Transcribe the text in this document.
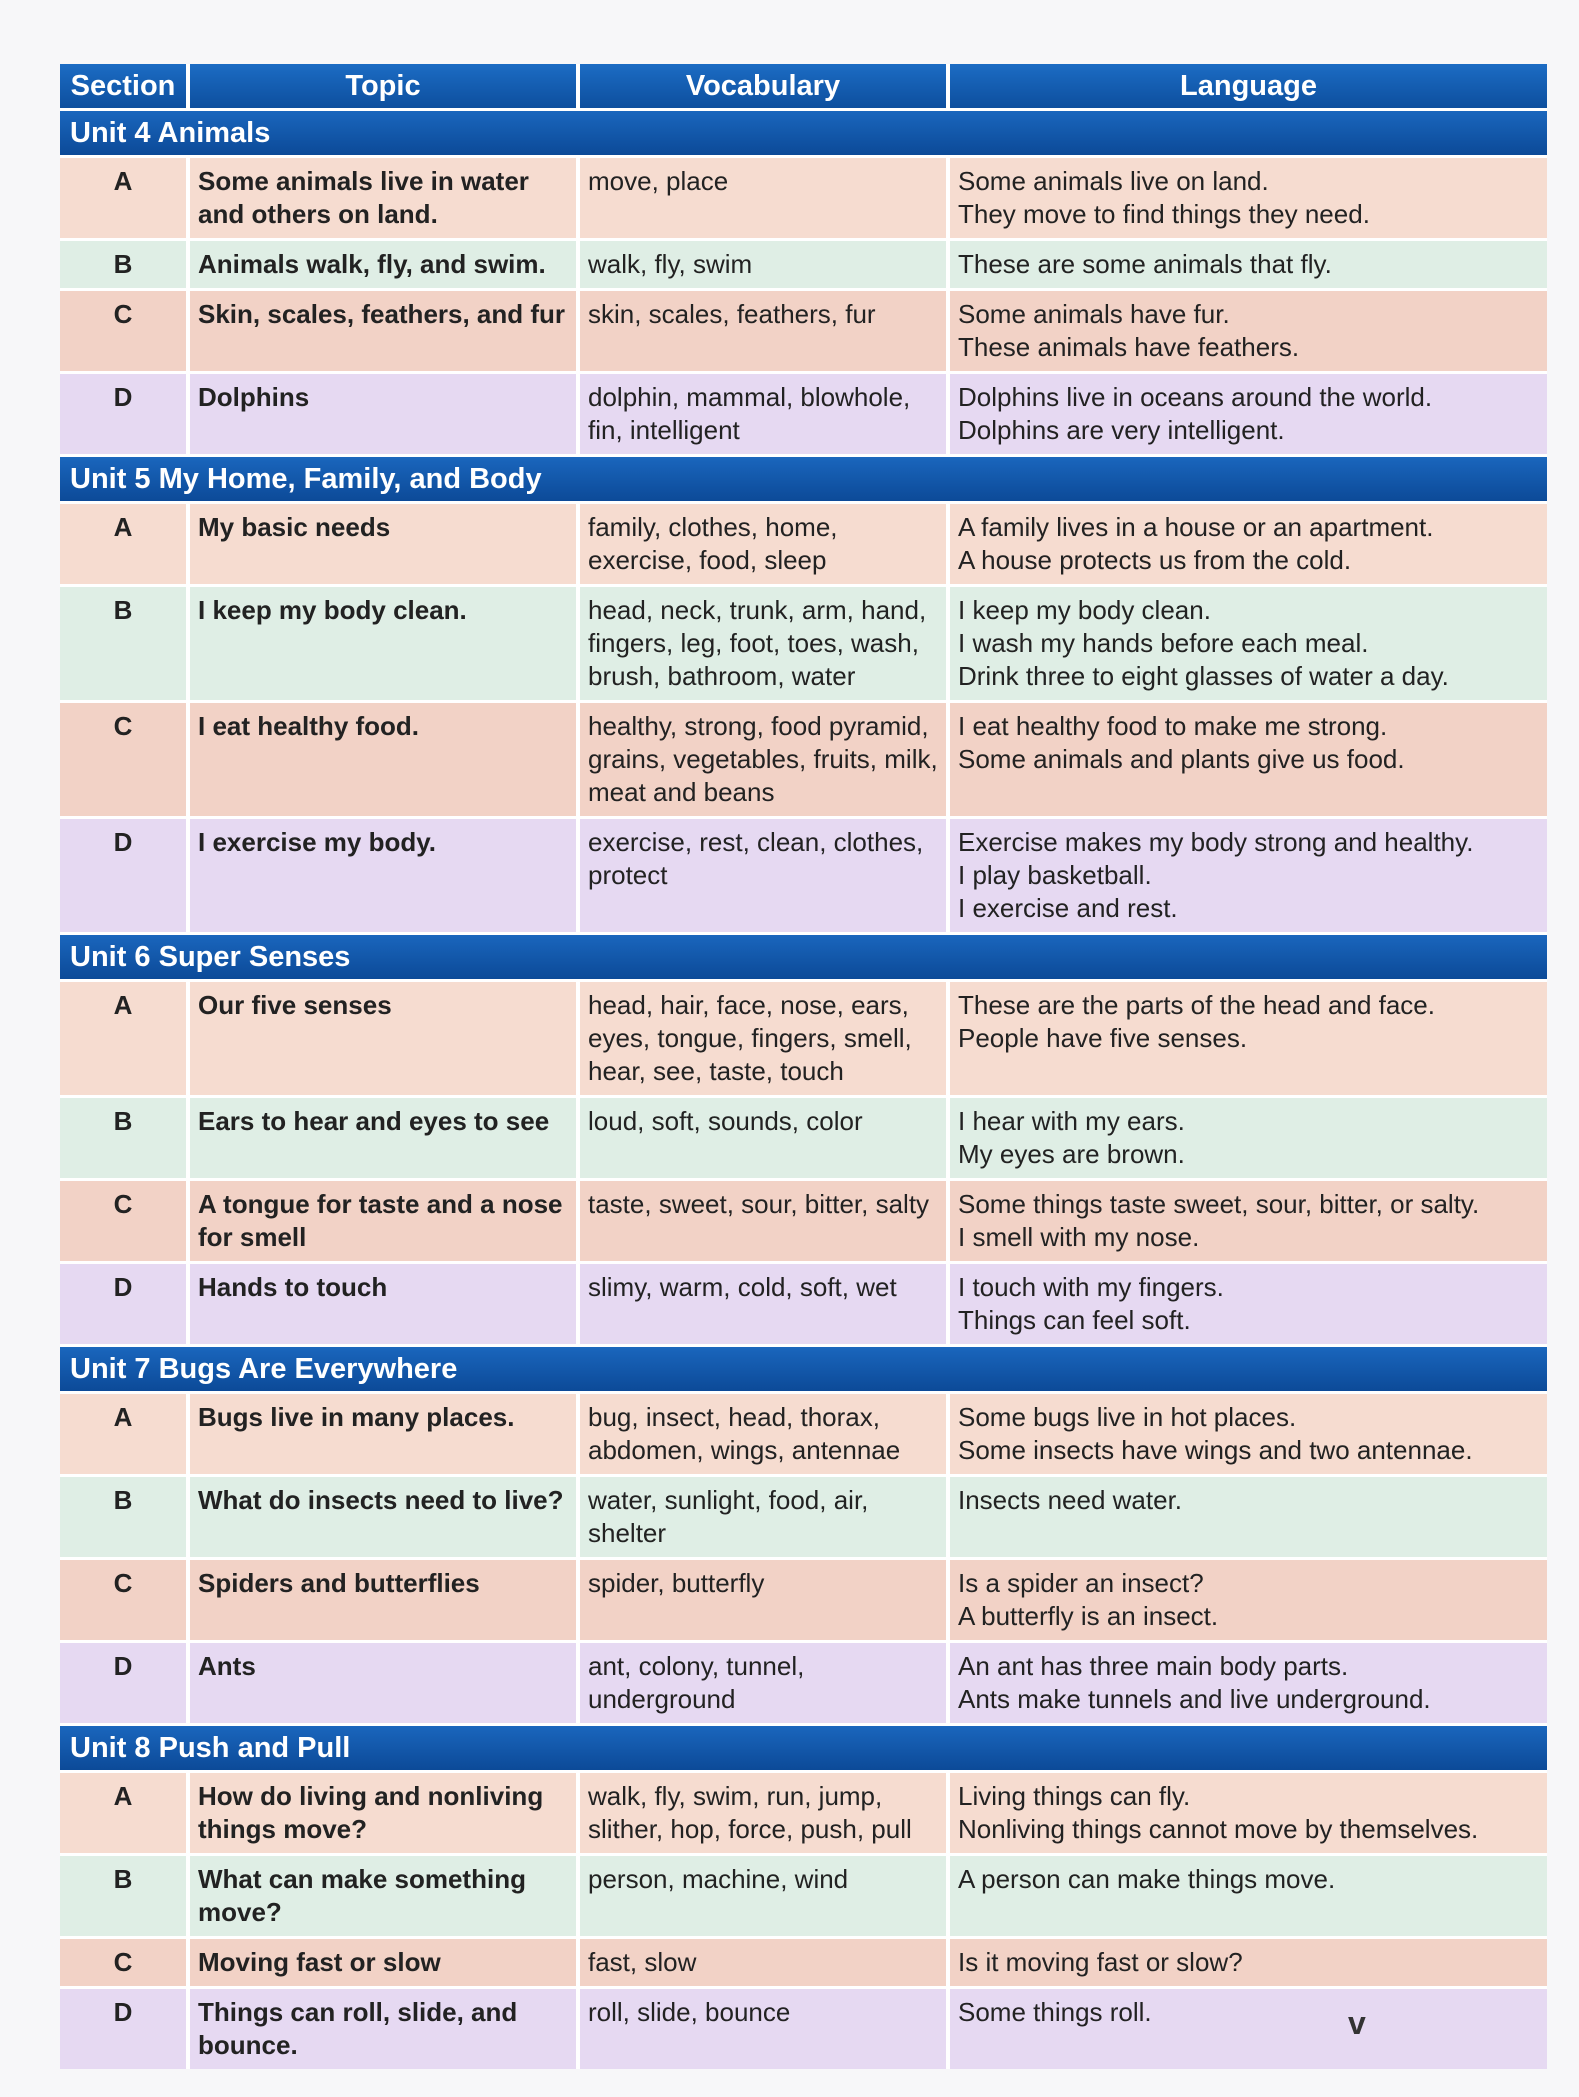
Section	Topic	Vocabulary	Language
Unit 4 Animals			
A	Some animals live in water and others on land.	move, place	Some animals live on land.
They move to find things they need.

B	Animals walk, fly, and swim.	walk, fly, swim	These are some animals that fly.

C	Skin, scales, feathers, and fur	skin, scales, feathers, fur	Some animals have fur.
These animals have feathers.

D	Dolphins	dolphin, mammal, blowhole, fin, intelligent	Dolphins live in oceans around the world.
Dolphins are very intelligent.

Unit 5 My Home, Family, and Body			
A	My basic needs	family, clothes, home, exercise, food, sleep	A family lives in a house or an apartment.
A house protects us from the cold.

B	I keep my body clean.	head, neck, trunk, arm, hand, fingers, leg, foot, toes, wash, brush, bathroom, water	I keep my body clean.
I wash my hands before each meal.
Drink three to eight glasses of water a day.

C	I eat healthy food.	healthy, strong, food pyramid, grains, vegetables, fruits, milk, meat and beans	I eat healthy food to make me strong.
Some animals and plants give us food.

D	I exercise my body.	exercise, rest, clean, clothes, protect	Exercise makes my body strong and healthy.
I play basketball.
I exercise and rest.

Unit 6 Super Senses			
A	Our five senses	head, hair, face, nose, ears, eyes, tongue, fingers, smell, hear, see, taste, touch	These are the parts of the head and face.
People have five senses.

B	Ears to hear and eyes to see	loud, soft, sounds, color	I hear with my ears.
My eyes are brown.

C	A tongue for taste and a nose for smell	taste, sweet, sour, bitter, salty	Some things taste sweet, sour, bitter, or salty.
I smell with my nose.

D	Hands to touch	slimy, warm, cold, soft, wet	I touch with my fingers.
Things can feel soft.

Unit 7 Bugs Are Everywhere			
A	Bugs live in many places.	bug, insect, head, thorax, abdomen, wings, antennae	Some bugs live in hot places.
Some insects have wings and two antennae.

B	What do insects need to live?	water, sunlight, food, air, shelter	Insects need water.

C	Spiders and butterflies	spider, butterfly	Is a spider an insect?
A butterfly is an insect.

D	Ants	ant, colony, tunnel, underground	An ant has three main body parts.
Ants make tunnels and live underground.

Unit 8 Push and Pull			
A	How do living and nonliving things move?	walk, fly, swim, run, jump, slither, hop, force, push, pull	Living things can fly.
Nonliving things cannot move by themselves.

B	What can make something move?	person, machine, wind	A person can make things move.

C	Moving fast or slow	fast, slow	Is it moving fast or slow?

D	Things can roll, slide, and bounce.	roll, slide, bounce	Some things roll.	v
